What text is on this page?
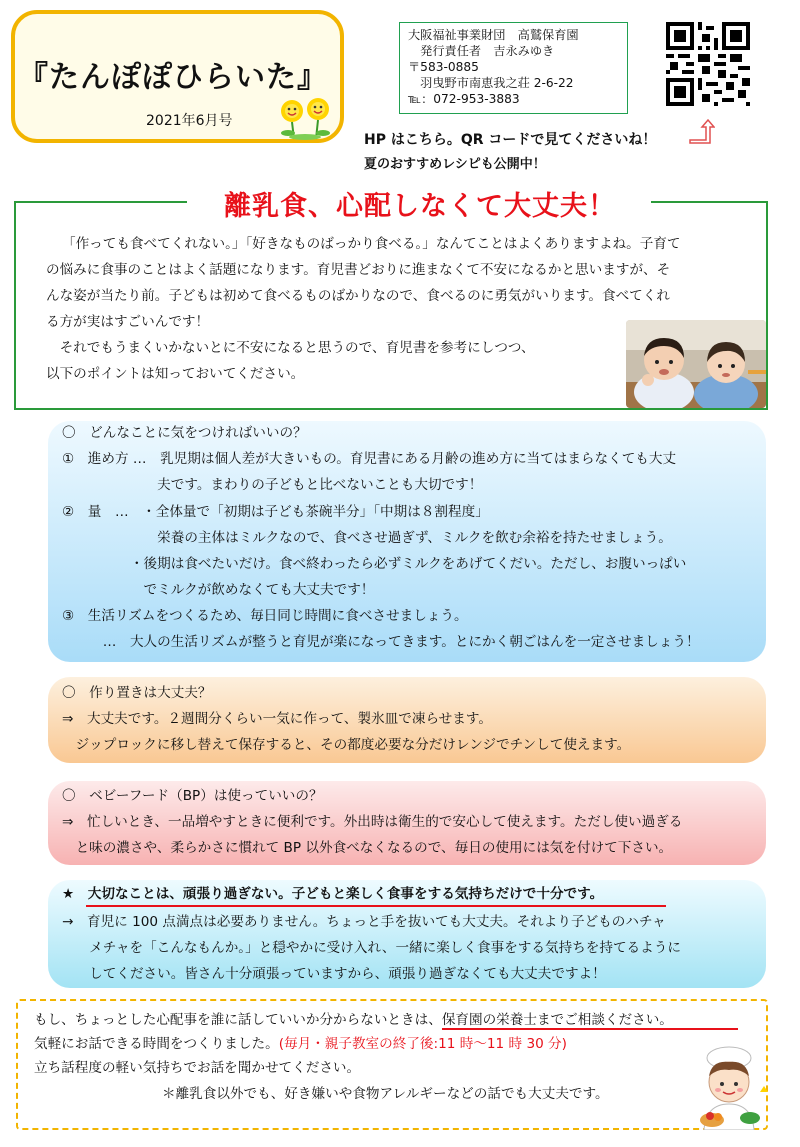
『たんぽぽひらいた』
2021年6月号
大阪福祉事業財団　高鷲保育園
　発行責任者　吉永みゆき
〒583-0885
　羽曳野市南恵我之荘 2-6-22
℡：072-953-3883
HP はこちら。QR コードで見てくださいね！
夏のおすすめレシピも公開中！
離乳食、心配しなくて大丈夫！
「作っても食べてくれない。」「好きなものばっかり食べる。」なんてことはよくありますよね。子育て
の悩みに食事のことはよく話題になります。育児書どおりに進まなくて不安になるかと思いますが、そ
んな姿が当たり前。子どもは初めて食べるものばかりなので、食べるのに勇気がいります。食べてくれ
る方が実はすごいんです！
　それでもうまくいかないとに不安になると思うので、育児書を参考にしつつ、
以下のポイントは知っておいてください。
〇　どんなことに気をつければいいの？
①　進め方 …　乳児期は個人差が大きいもの。育児書にある月齢の進め方に当てはまらなくても大丈
　　　　　　　夫です。まわりの子どもと比べないことも大切です！
②　量　…　・全体量で「初期は子ども茶碗半分」「中期は８割程度」
　　　　　　　栄養の主体はミルクなので、食べさせ過ぎず、ミルクを飲む余裕を持たせましょう。
　　　　　・後期は食べたいだけ。食べ終わったら必ずミルクをあげてくだい。ただし、お腹いっぱい
　　　　　　でミルクが飲めなくても大丈夫です！
③　生活リズムをつくるため、毎日同じ時間に食べさせましょう。
　　　…　大人の生活リズムが整うと育児が楽になってきます。とにかく朝ごはんを一定させましょう！
〇　作り置きは大丈夫？
⇒　大丈夫です。２週間分くらい一気に作って、製氷皿で凍らせます。
　ジップロックに移し替えて保存すると、その都度必要な分だけレンジでチンして使えます。
〇　ベビーフード（BP）は使っていいの？
⇒　忙しいとき、一品増やすときに便利です。外出時は衛生的で安心して使えます。ただし使い過ぎる
　と味の濃さや、柔らかさに慣れて BP 以外食べなくなるので、毎日の使用には気を付けて下さい。
★　大切なことは、頑張り過ぎない。子どもと楽しく食事をする気持ちだけで十分です。
→　育児に 100 点満点は必要ありません。ちょっと手を抜いても大丈夫。それより子どものハチャ
　　メチャを「こんなもんか。」と穏やかに受け入れ、一緒に楽しく食事をする気持ちを持てるように
　　してください。皆さん十分頑張っていますから、頑張り過ぎなくても大丈夫ですよ！
もし、ちょっとした心配事を誰に話していいか分からないときは、保育園の栄養士までご相談ください。
気軽にお話できる時間をつくりました。(毎月・親子教室の終了後:11 時～11 時 30 分)
立ち話程度の軽い気持ちでお話を聞かせてください。
＊離乳食以外でも、好き嫌いや食物アレルギーなどの話でも大丈夫です。
